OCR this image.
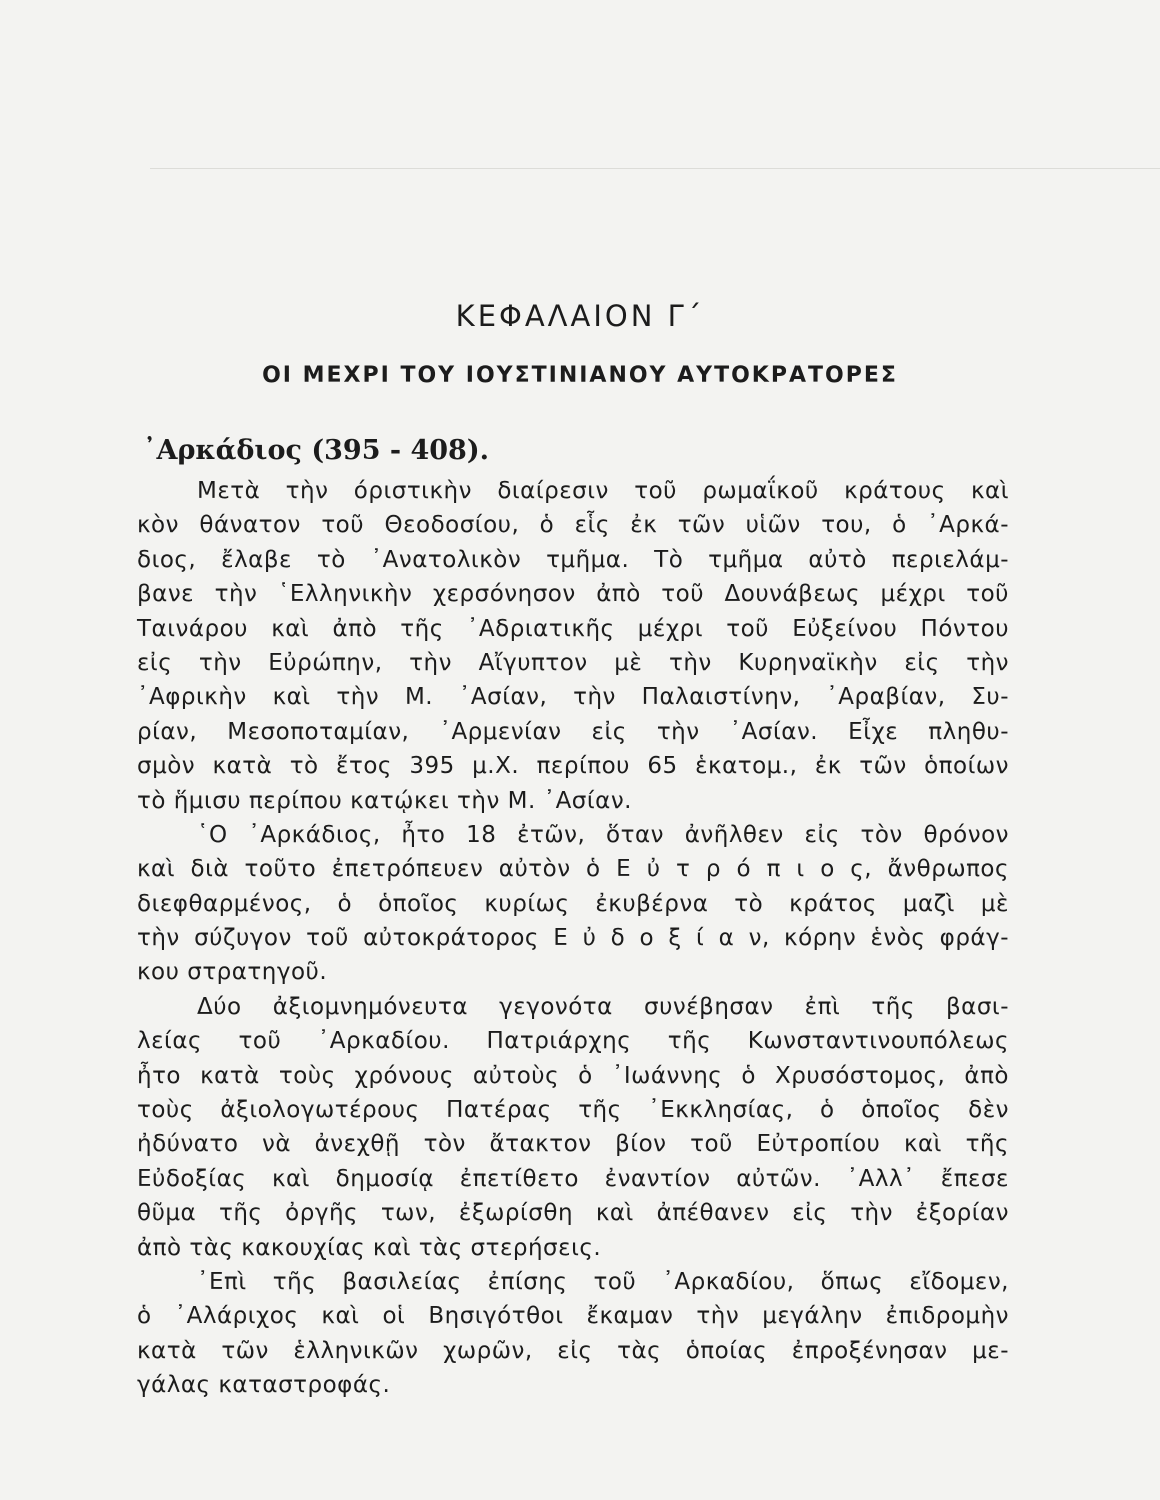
ΚΕΦΑΛΑΙΟΝ Γ΄
ΟΙ ΜΕΧΡΙ ΤΟΥ ΙΟΥΣΤΙΝΙΑΝΟΥ ΑΥΤΟΚΡΑΤΟΡΕΣ
᾿Αρκάδιος (395 - 408).
Μετὰ τὴν όριστικὴν διαίρεσιν τοῦ ρωμαΐκοῦ κράτους καὶ
κὸν θάνατον τοῦ Θεοδοσίου, ὁ εἷς ἐκ τῶν υἱῶν του, ὁ ᾿Αρκά-
διος, ἔλαβε τὸ ᾿Ανατολικὸν τμῆμα. Τὸ τμῆμα αὐτὸ περιελάμ-
βανε τὴν ῾Ελληνικὴν χερσόνησον ἀπὸ τοῦ Δουνάβεως μέχρι τοῦ
Ταινάρου καὶ ἀπὸ τῆς ᾿Αδριατικῆς μέχρι τοῦ Εὐξείνου Πόντου
εἰς τὴν Εὐρώπην, τὴν Αἴγυπτον μὲ τὴν Κυρηναϊκὴν εἰς τὴν
᾿Αφρικὴν καὶ τὴν Μ. ᾿Ασίαν, τὴν Παλαιστίνην, ᾿Αραβίαν, Συ-
ρίαν, Μεσοποταμίαν, ᾿Αρμενίαν εἰς τὴν ᾿Ασίαν. Εἶχε πληθυ-
σμὸν κατὰ τὸ ἔτος 395 μ.Χ. περίπου 65 ἑκατομ., ἐκ τῶν ὁποίων
τὸ ἥμισυ περίπου κατῴκει τὴν Μ. ᾿Ασίαν.
῾Ο ᾿Αρκάδιος, ἦτο 18 ἐτῶν, ὅταν ἀνῆλθεν εἰς τὸν θρόνον
καὶ διὰ τοῦτο ἐπετρόπευεν αὐτὸν ὁ Ε ὐ τ ρ ό π ι ο ς, ἄνθρωπος
διεφθαρμένος, ὁ ὁποῖος κυρίως ἐκυβέρνα τὸ κράτος μαζὶ μὲ
τὴν σύζυγον τοῦ αὐτοκράτορος Ε ὐ δ ο ξ ί α ν, κόρην ἑνὸς φράγ-
κου στρατηγοῦ.
Δύο ἀξιομνημόνευτα γεγονότα συνέβησαν ἐπὶ τῆς βασι-
λείας τοῦ ᾿Αρκαδίου. Πατριάρχης τῆς Κωνσταντινουπόλεως
ἦτο κατὰ τοὺς χρόνους αὐτοὺς ὁ ᾿Ιωάννης ὁ Χρυσόστομος, ἀπὸ
τοὺς ἀξιολογωτέρους Πατέρας τῆς ᾿Εκκλησίας, ὁ ὁποῖος δὲν
ἠδύνατο νὰ ἀνεχθῇ τὸν ἄτακτον βίον τοῦ Εὐτροπίου καὶ τῆς
Εὐδοξίας καὶ δημοσίᾳ ἐπετίθετο ἐναντίον αὐτῶν. ᾿Αλλ᾿ ἔπεσε
θῦμα τῆς ὀργῆς των, ἐξωρίσθη καὶ ἀπέθανεν εἰς τὴν ἐξορίαν
ἀπὸ τὰς κακουχίας καὶ τὰς στερήσεις.
᾿Επὶ τῆς βασιλείας ἐπίσης τοῦ ᾿Αρκαδίου, ὅπως εἴδομεν,
ὁ ᾿Αλάριχος καὶ οἱ Βησιγότθοι ἔκαμαν τὴν μεγάλην ἐπιδρομὴν
κατὰ τῶν ἑλληνικῶν χωρῶν, εἰς τὰς ὁποίας ἐπροξένησαν με-
γάλας καταστροφάς.
